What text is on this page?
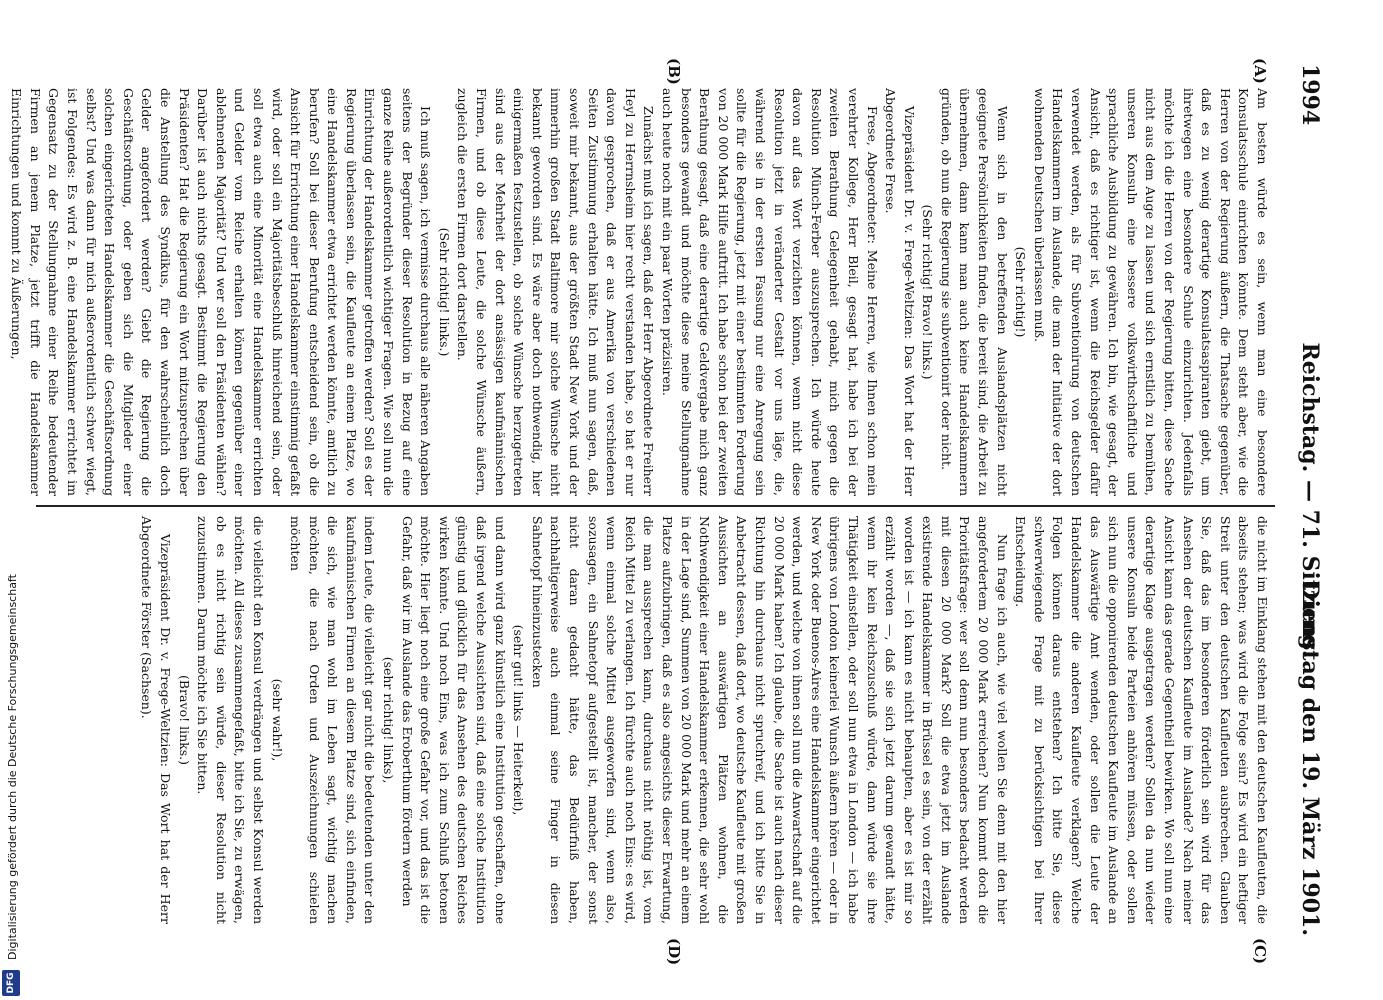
1994
Reichstag. — 71. Sitzung.
Dienstag den 19. März 1901.
(A)
(B)
(C)
(D)

Am besten würde es sein, wenn man eine besondere Konsulatsschule einrichten könnte. Dem steht aber, wie die Herren von der Regierung äußern, die Thatsache gegenüber, daß es zu wenig derartige Konsulatsaspiranten giebt, um ihretwegen eine besondere Schule einzurichten. Jedenfalls möchte ich die Herren von der Regierung bitten, diese Sache nicht aus dem Auge zu lassen und sich ernstlich zu bemühen, unseren Konsuln eine bessere volkswirthschaftliche und sprachliche Ausbildung zu gewähren. Ich bin, wie gesagt, der Ansicht, daß es richtiger ist, wenn die Reichsgelder dafür verwendet werden, als für Subventionirung von deutschen Handelskammern im Auslande, die man der Initiative der dort wohnenden Deutschen überlassen muß.

(Sehr richtig!)

Wenn sich in den betreffenden Auslandsplätzen nicht geeignete Persönlichkeiten finden, die bereit sind, die Arbeit zu übernehmen, dann kann man auch keine Handelskammern gründen, ob nun die Regierung sie subventionirt oder nicht.

(Sehr richtig! Bravo! links.)

Vizepräsident Dr. v. Frege-Weltzien: Das Wort hat der Herr Abgeordnete Frese.

Frese, Abgeordneter: Meine Herren, wie Ihnen schon mein verehrter Kollege, Herr Bleil, gesagt hat, habe ich bei der zweiten Berathung Gelegenheit gehabt, mich gegen die Resolution Münch-Ferber auszusprechen. Ich würde heute davon auf das Wort verzichten können, wenn nicht diese Resolution jetzt in veränderter Gestalt vor uns läge, die, während sie in der ersten Fassung nur eine Anregung sein sollte für die Regierung, jetzt mit einer bestimmten Forderung von 20 000 Mark Hilfe auftritt. Ich habe schon bei der zweiten Berathung gesagt, daß eine derartige Geldvergabe mich ganz besonders gewandt und möchte diese meine Stellungnahme auch heute noch mit ein paar Worten präzisiren.

Zunächst muß ich sagen, daß der Herr Abgeordnete Freiherr Heyl zu Herrnsheim hier recht verstanden habe, so hat er nur davon gesprochen, daß er aus Amerika von verschiedenen Seiten Zustimmung erhalten hätte. Ich muß nun sagen, daß, soweit mir bekannt, aus der größten Stadt New York und der immerhin großen Stadt Baltimore mir solche Wünsche nicht bekannt geworden sind. Es wäre aber doch nothwendig, hier einigermaßen festzustellen, ob solche Wünsche herzugetreten sind aus der Mehrheit der dort ansässigen kaufmännischen Firmen, und ob diese Leute, die solche Wünsche äußern, zugleich die ersten Firmen dort darstellen.

(Sehr richtig! links.)

Ich muß sagen, ich vermisse durchaus alle näheren Angaben seitens der Begründer dieser Resolution in Bezug auf eine ganze Reihe außerordentlich wichtiger Fragen. Wie soll nun die Einrichtung der Handelskammer getroffen werden? Soll es der Regierung überlassen sein, die Kaufleute an einem Platze, wo eine Handelskammer etwa errichtet werden könnte, amtlich zu berufen? Soll bei dieser Berufung entscheidend sein, ob die Ansicht für Errichtung einer Handelskammer einstimmig gefaßt wird, oder soll ein Majoritätsbeschluß hinreichend sein, oder soll etwa auch eine Minorität eine Handelskammer errichten und Gelder vom Reiche erhalten können gegenüber einer ablehnenden Majorität? Und wer soll den Präsidenten wählen? Darüber ist auch nichts gesagt. Bestimmt die Regierung den Präsidenten? Hat die Regierung ein Wort mitzusprechen über die Anstellung des Syndikus, für den wahrscheinlich doch Gelder angefordert werden? Giebt die Regierung die Geschäftsordnung, oder geben sich die Mitglieder einer solchen eingerichteten Handelskammer die Geschäftsordnung selbst? Und was dann für mich außerordentlich schwer wiegt, ist Folgendes: Es wird z. B. eine Handelskammer errichtet im Gegensatz zu der Stellungnahme einer Reihe bedeutender Firmen an jenem Platze, jetzt trifft die Handelskammer Einrichtungen und kommt zu Äußerungen,

die nicht im Einklang stehen mit den deutschen Kaufleuten, die abseits stehen; was wird die Folge sein? Es wird ein heftiger Streit unter den deutschen Kaufleuten ausbrechen. Glauben Sie, daß das im besonderen förderlich sein wird für das Ansehen der deutschen Kaufleute im Auslande? Nach meiner Ansicht kann das gerade Gegentheil bewirken. Wo soll nun eine derartige Klage ausgetragen werden? Sollen da nun wieder unsere Konsuln beide Parteien anhören müssen, oder sollen sich nun die opponirenden deutschen Kaufleute im Auslande an das Auswärtige Amt wenden, oder sollen die Leute der Handelskammer die anderen Kaufleute verklagen? Welche Folgen können daraus entstehen? Ich bitte Sie, diese schwerwiegende Frage mit zu berücksichtigen bei Ihrer Entscheidung.

Nun frage ich auch, wie viel wollen Sie denn mit den hier angefordertem 20 000 Mark erreichen? Nun kommt doch die Prioritätsfrage: wer soll denn nun besonders bedacht werden mit diesen 20 000 Mark? Soll die etwa jetzt im Auslande existirende Handelskammer in Brüssel es sein, von der erzählt worden ist — ich kann es nicht behaupten, aber es ist mir so erzählt worden —, daß sie sich jetzt darum gewandt hätte, wenn ihr kein Reichszuschuß würde, dann würde sie ihre Thätigkeit einstellen, oder soll nun etwa in London — ich habe übrigens von London keinerlei Wunsch äußern hören — oder in New York oder Buenos-Aires eine Handelskammer eingerichtet werden, und welche von ihnen soll nun die Anwartschaft auf die 20 000 Mark haben? Ich glaube, die Sache ist auch nach dieser Richtung hin durchaus nicht spruchreif, und ich bitte Sie in Anbetracht dessen, daß dort, wo deutsche Kaufleute mit großen Aussichten an auswärtigen Plätzen wohnen, die Nothwendigkeit einer Handelskammer erkennen, die sehr wohl in der Lage sind, Summen von 20 000 Mark und mehr an einem Platze aufzubringen, daß es also angesichts dieser Erwartung, die man aussprechen kann, durchaus nicht nöthig ist, vom Reich Mittel zu verlangen. Ich fürchte auch noch Eins: es wird, wenn einmal solche Mittel ausgeworfen sind, wenn also, sozusagen, ein Sahnetopf aufgestellt ist, mancher, der sonst nicht daran gedacht hätte, das Bedürfniß haben, nachhaltigerweise auch einmal seine Finger in diesen Sahnetopf hineinzustecken

(sehr gut! links — Heiterkeit),

und dann wird ganz künstlich eine Institution geschaffen, ohne daß irgend welche Aussichten sind, daß eine solche Institution günstig und glücklich für das Ansehen des deutschen Reiches wirken könnte. Und noch Eins, was ich zum Schluß betonen möchte. Hier liegt noch eine große Gefahr vor, und das ist die Gefahr, daß wir im Auslande das Eroberthum fördern werden

(sehr richtig! links),

indem Leute, die vielleicht gar nicht die bedeutenden unter den kaufmännischen Firmen an diesem Platze sind, sich einfinden, die sich, wie man wohl im Leben sagt, wichtig machen möchten, die nach Orden und Auszeichnungen schielen möchten

(sehr wahr!),

die vielleicht den Konsul verdrängen und selbst Konsul werden möchten. All dieses zusammengefaßt, bitte ich Sie, zu erwägen, ob es nicht richtig sein würde, dieser Resolution nicht zuzustimmen. Darum möchte ich Sie bitten.

(Bravo! links.)

Vizepräsident Dr. v. Frege-Weltzien: Das Wort hat der Herr Abgeordnete Förster (Sachsen).

DFG
Digitalisierung gefördert durch die Deutsche Forschungsgemeinschaft
